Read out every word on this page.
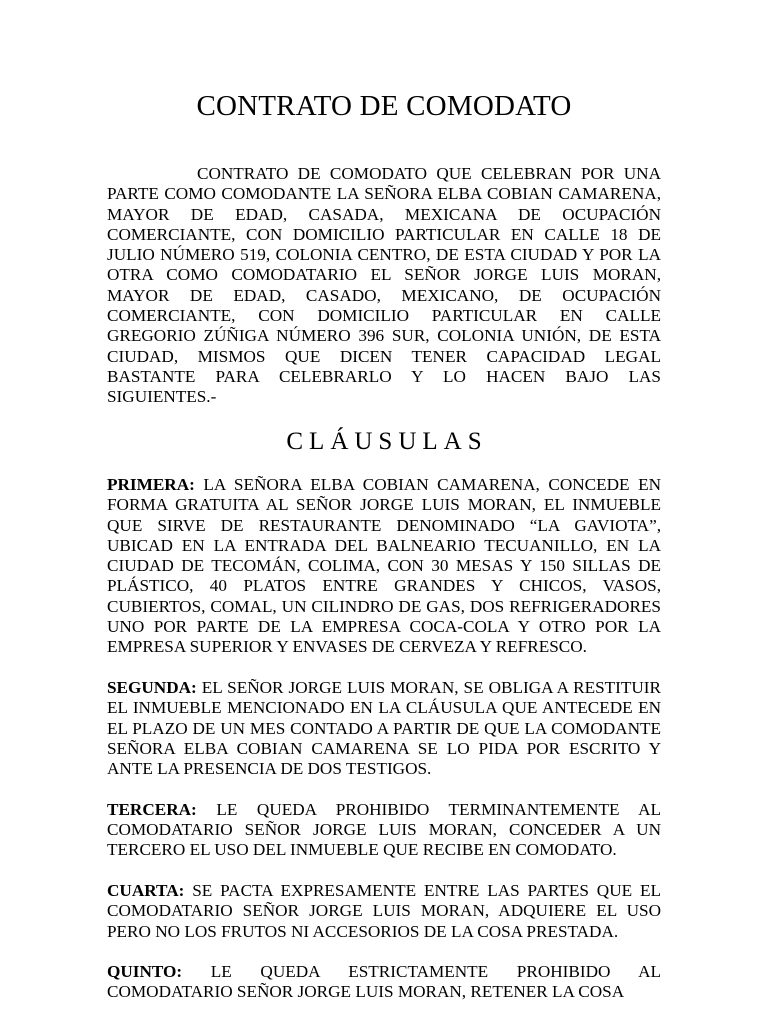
CONTRATO DE COMODATO
CONTRATO DE COMODATO QUE CELEBRAN POR UNA PARTE COMO COMODANTE LA SEÑORA ELBA COBIAN CAMARENA, MAYOR DE EDAD, CASADA, MEXICANA DE OCUPACIÓN COMERCIANTE, CON DOMICILIO PARTICULAR EN CALLE 18 DE JULIO NÚMERO 519, COLONIA CENTRO, DE ESTA CIUDAD Y POR LA OTRA COMO COMODATARIO EL SEÑOR JORGE LUIS MORAN, MAYOR DE EDAD, CASADO, MEXICANO, DE OCUPACIÓN COMERCIANTE, CON DOMICILIO PARTICULAR EN CALLE GREGORIO ZÚÑIGA NÚMERO 396 SUR, COLONIA UNIÓN, DE ESTA CIUDAD, MISMOS QUE DICEN TENER CAPACIDAD LEGAL BASTANTE PARA CELEBRARLO Y LO HACEN BAJO LAS SIGUIENTES.-
CLÁUSULAS

PRIMERA: LA SEÑORA ELBA COBIAN CAMARENA, CONCEDE EN FORMA GRATUITA AL SEÑOR JORGE LUIS MORAN, EL INMUEBLE QUE SIRVE DE RESTAURANTE DENOMINADO “LA GAVIOTA”, UBICAD EN LA ENTRADA DEL BALNEARIO TECUANILLO, EN LA CIUDAD DE TECOMÁN, COLIMA, CON 30 MESAS Y 150 SILLAS DE PLÁSTICO, 40 PLATOS ENTRE GRANDES Y CHICOS, VASOS, CUBIERTOS, COMAL, UN CILINDRO DE GAS, DOS REFRIGERADORES UNO POR PARTE DE LA EMPRESA COCA-COLA Y OTRO POR LA EMPRESA SUPERIOR Y ENVASES DE CERVEZA Y REFRESCO.

SEGUNDA: EL SEÑOR JORGE LUIS MORAN, SE OBLIGA A RESTITUIR EL INMUEBLE MENCIONADO EN LA CLÁUSULA QUE ANTECEDE EN EL PLAZO DE UN MES CONTADO A PARTIR DE QUE LA COMODANTE SEÑORA ELBA COBIAN CAMARENA SE LO PIDA POR ESCRITO Y ANTE LA PRESENCIA DE DOS TESTIGOS.

TERCERA: LE QUEDA PROHIBIDO TERMINANTEMENTE AL COMODATARIO SEÑOR JORGE LUIS MORAN, CONCEDER A UN TERCERO EL USO DEL INMUEBLE QUE RECIBE EN COMODATO.

CUARTA: SE PACTA EXPRESAMENTE ENTRE LAS PARTES QUE EL COMODATARIO SEÑOR JORGE LUIS MORAN, ADQUIERE EL USO PERO NO LOS FRUTOS NI ACCESORIOS DE LA COSA PRESTADA.

QUINTO: LE QUEDA ESTRICTAMENTE PROHIBIDO AL COMODATARIO SEÑOR JORGE LUIS MORAN, RETENER LA COSA
